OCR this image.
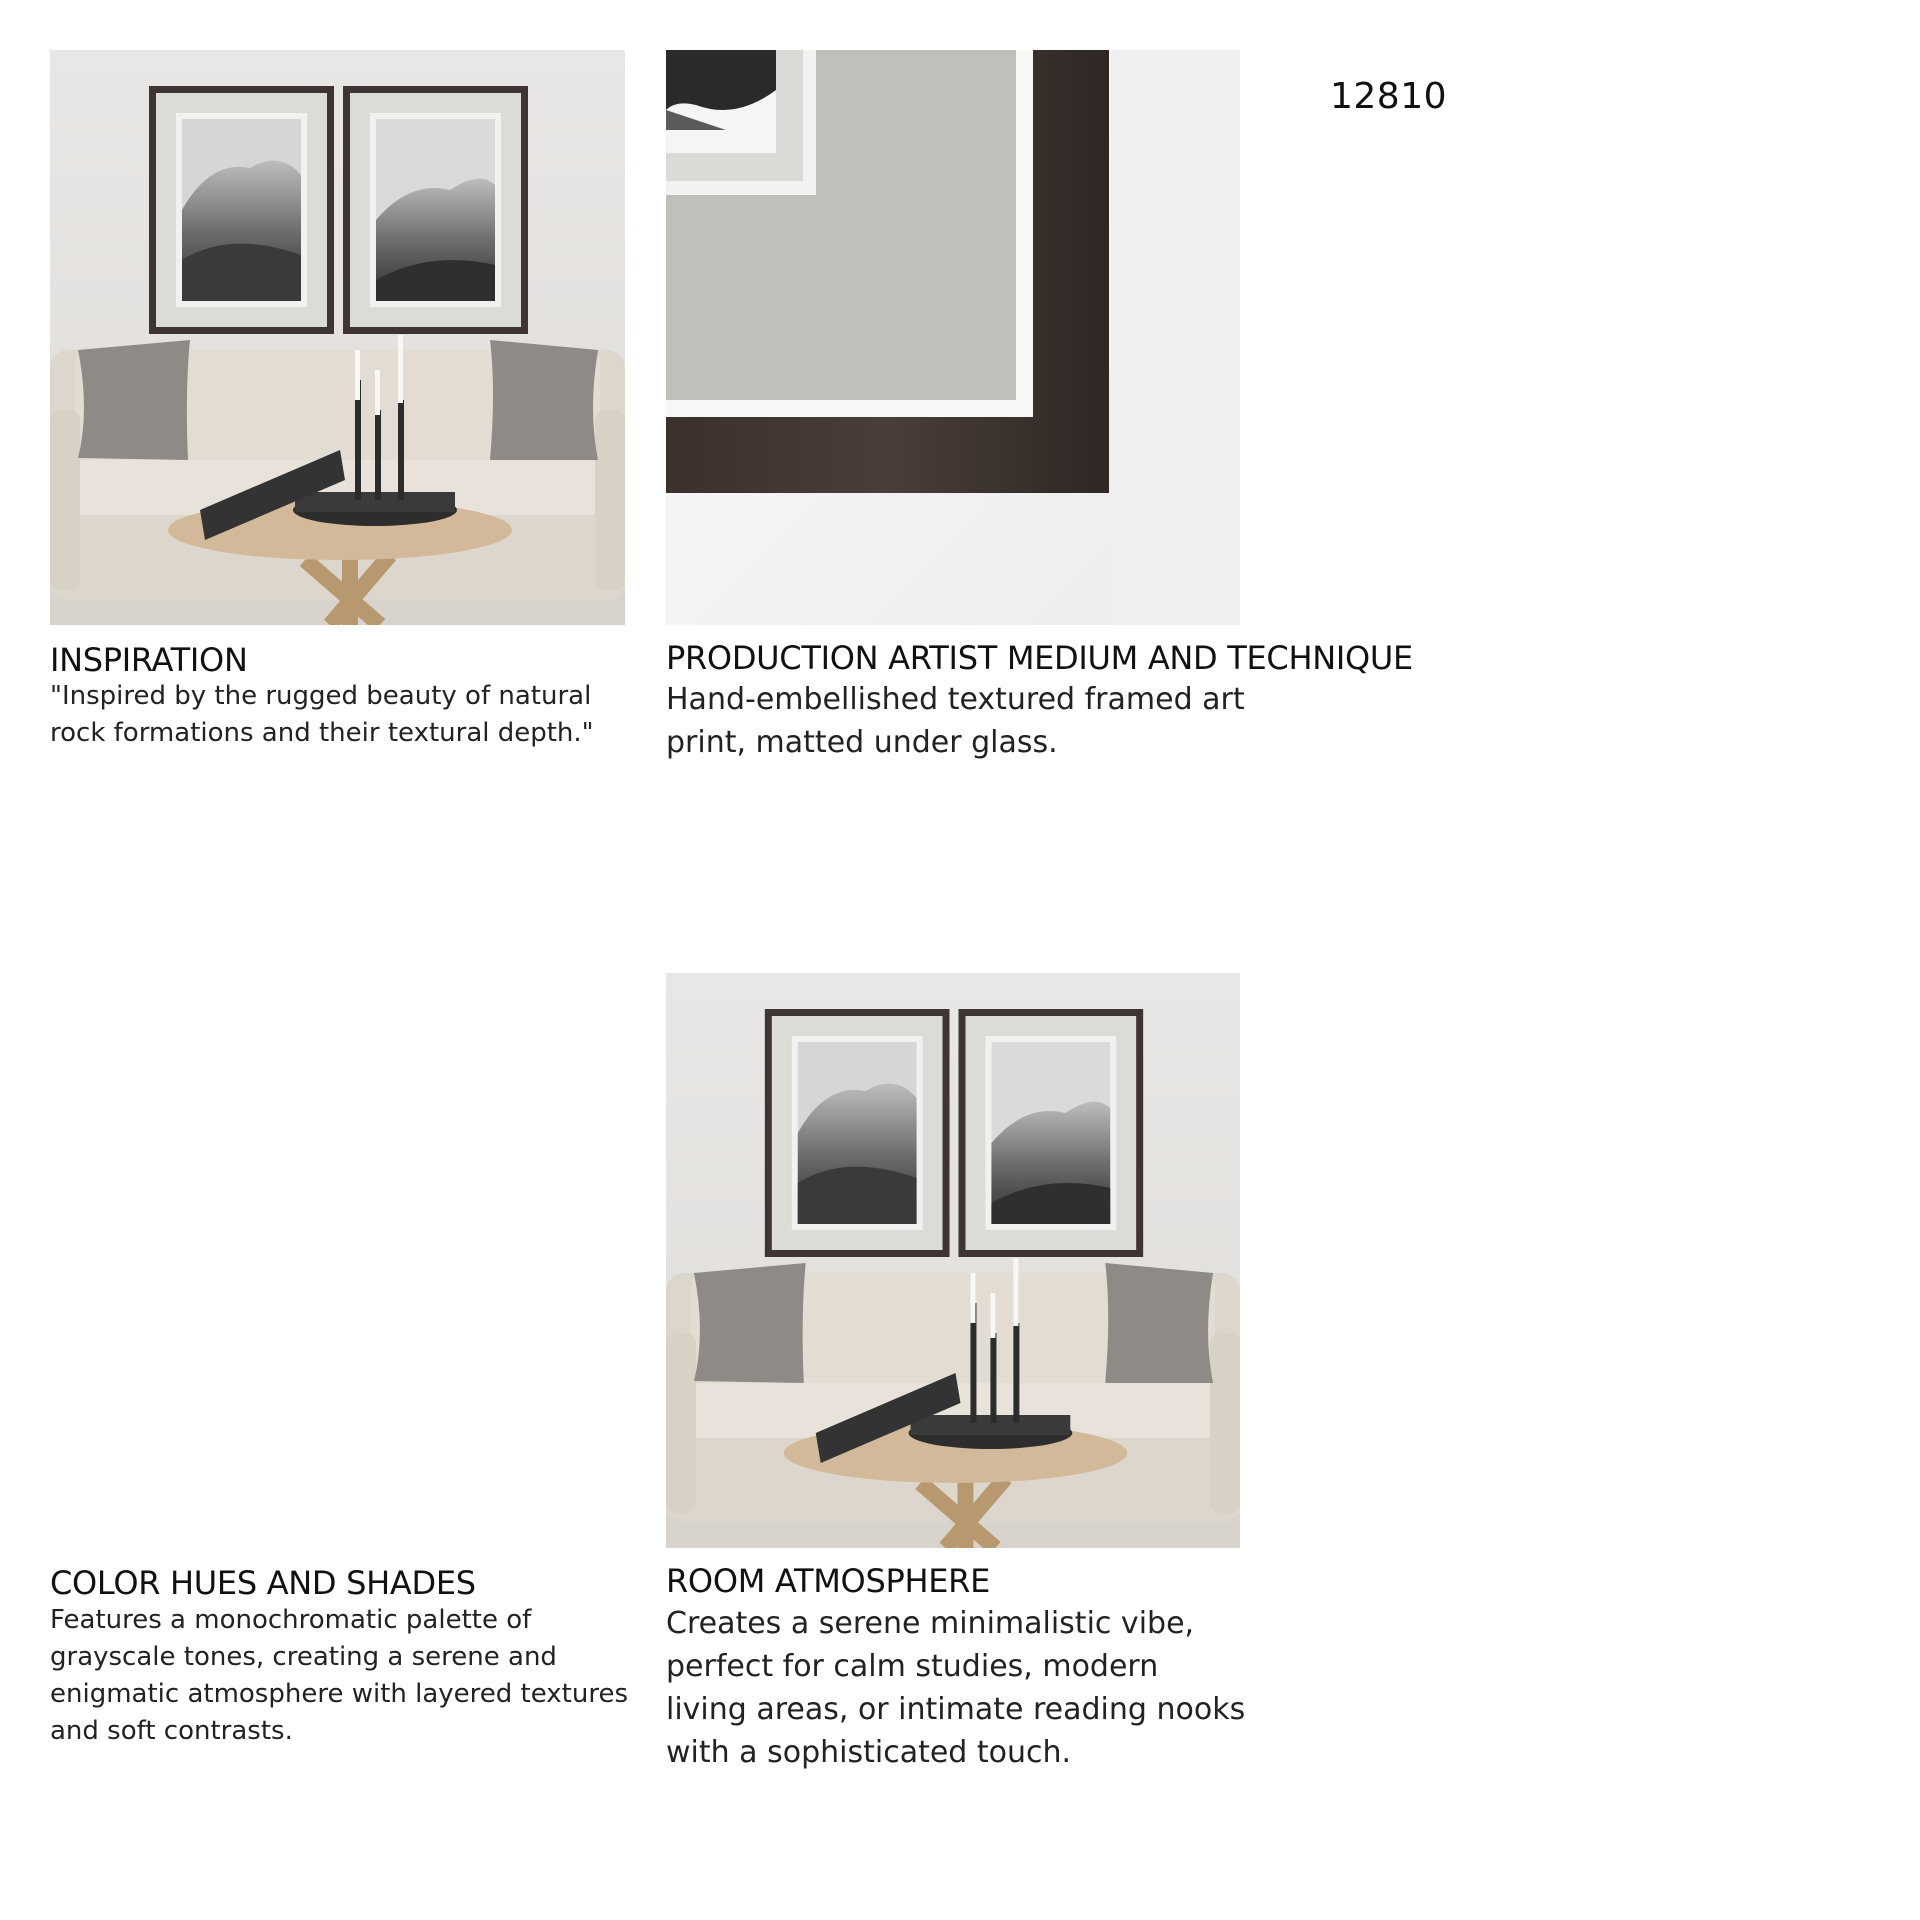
12810
INSPIRATION
"Inspired by the rugged beauty of natural rock formations and their textural depth."
PRODUCTION ARTIST MEDIUM AND TECHNIQUE
Hand-embellished textured framed art print, matted under glass.
COLOR HUES AND SHADES
Features a monochromatic palette of grayscale tones, creating a serene and enigmatic atmosphere with layered textures and soft contrasts.
ROOM ATMOSPHERE
Creates a serene minimalistic vibe, perfect for calm studies, modern living areas, or intimate reading nooks with a sophisticated touch.
